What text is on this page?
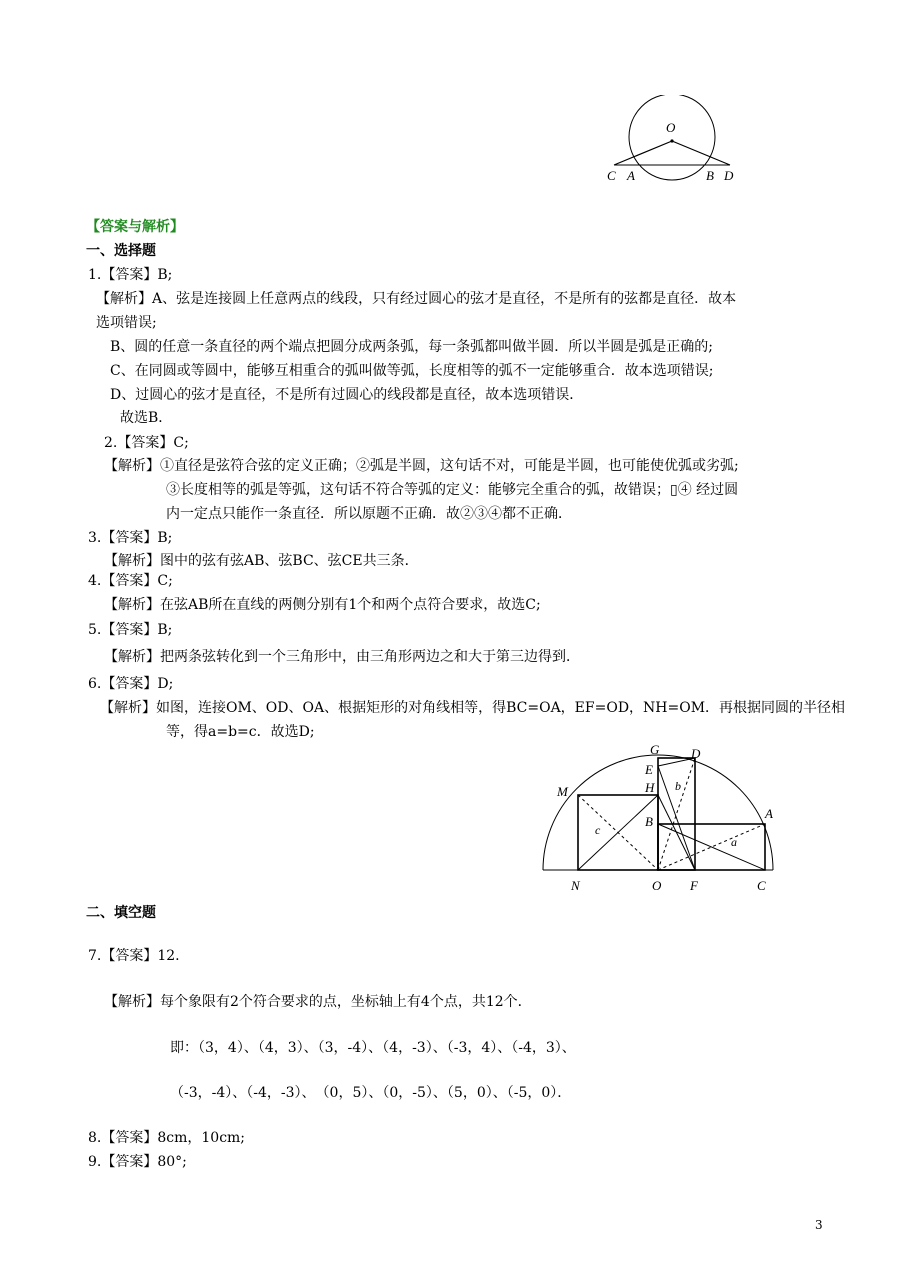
O
C A	B D
【答案与解析】
一、选择题
1.【答案】B;
【解析】A、弦是连接圆上任意两点的线段，只有经过圆心的弦才是直径，不是所有的弦都是直径．故本
选项错误;
B、圆的任意一条直径的两个端点把圆分成两条弧，每一条弧都叫做半圆．所以半圆是弧是正确的;
C、在同圆或等圆中，能够互相重合的弧叫做等弧，长度相等的弧不一定能够重合．故本选项错误;
D、过圆心的弦才是直径，不是所有过圆心的线段都是直径，故本选项错误．
故选B．
2.【答案】C;
【解析】①直径是弦符合弦的定义正确；②弧是半圆，这句话不对，可能是半圆，也可能使优弧或劣弧;
③长度相等的弧是等弧，这句话不符合等弧的定义：能够完全重合的弧，故错误；▯④ 经过圆
内一定点只能作一条直径．所以原题不正确．故②③④都不正确．
3.【答案】B;
【解析】图中的弦有弦AB、弦BC、弦CE共三条．
4.【答案】C;
【解析】在弦AB所在直线的两侧分别有1个和两个点符合要求，故选C;
5.【答案】B;
【解析】把两条弦转化到一个三角形中，由三角形两边之和大于第三边得到．
6.【答案】D;
【解析】如图，连接OM、OD、OA、根据矩形的对角线相等，得BC=OA，EF=OD，NH=OM．再根据同圆的半径相
等，得a=b=c．故选D;
G D
E
H
M	b
A
B
c
a
N	O F	C
二、填空题
7.【答案】12.
【解析】每个象限有2个符合要求的点，坐标轴上有4个点，共12个．
即：（3，4）、（4，3）、（3，-4）、（4，-3）、（-3，4）、（-4，3）、
（-3，-4）、（-4，-3）、　（0，5）、（0，-5）、（5，0）、（-5，0）．
8.【答案】8cm，10cm;
9.【答案】80°;
3
